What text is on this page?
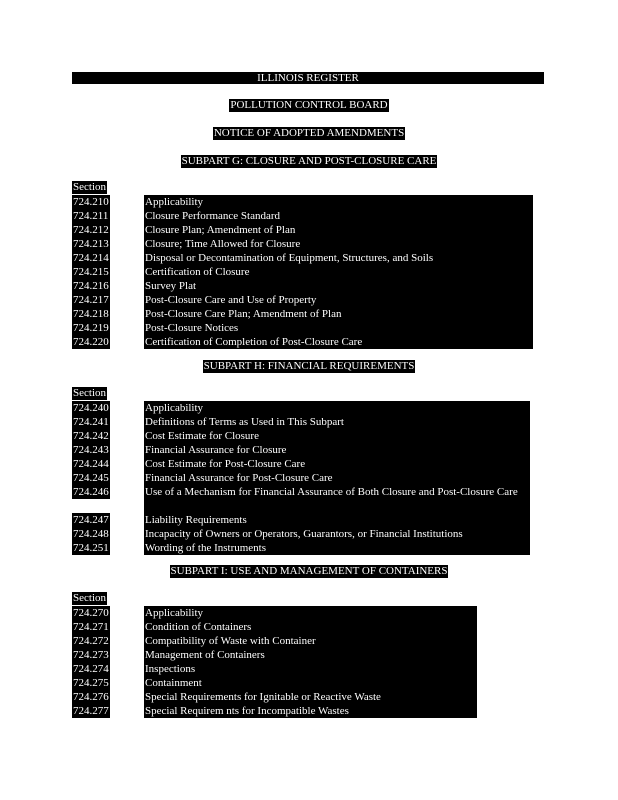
ILLINOIS REGISTER
POLLUTION CONTROL BOARD
NOTICE OF ADOPTED AMENDMENTS
SUBPART G: CLOSURE AND POST-CLOSURE CARE
Section
724.210
724.211
724.212
724.213
724.214
724.215
724.216
724.217
724.218
724.219
724.220
Applicability
Closure Performance Standard
Closure Plan; Amendment of Plan
Closure; Time Allowed for Closure
Disposal or Decontamination of Equipment, Structures, and Soils
Certification of Closure
Survey Plat
Post-Closure Care and Use of Property
Post-Closure Care Plan; Amendment of Plan
Post-Closure Notices
Certification of Completion of Post-Closure Care
SUBPART H: FINANCIAL REQUIREMENTS
Section
724.240
724.241
724.242
724.243
724.244
724.245
724.246
724.247
724.248
724.251
Applicability
Definitions of Terms as Used in This Subpart
Cost Estimate for Closure
Financial Assurance for Closure
Cost Estimate for Post-Closure Care
Financial Assurance for Post-Closure Care
Use of a Mechanism for Financial Assurance of Both Closure and Post-Closure Care
Liability Requirements
Incapacity of Owners or Operators, Guarantors, or Financial Institutions
Wording of the Instruments
SUBPART I: USE AND MANAGEMENT OF CONTAINERS
Section
724.270
724.271
724.272
724.273
724.274
724.275
724.276
724.277
Applicability
Condition of Containers
Compatibility of Waste with Container
Management of Containers
Inspections
Containment
Special Requirements for Ignitable or Reactive Waste
Special Requirem nts for Incompatible Wastes
